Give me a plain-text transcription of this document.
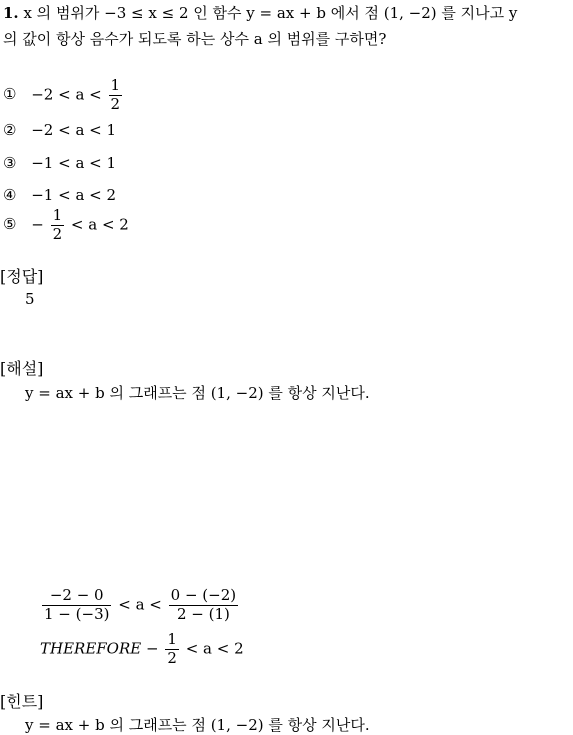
1. x 의 범위가 −3 ≤ x ≤ 2 인 함수 y = ax + b 에서 점 (1, −2) 를 지나고 y
의 값이 항상 음수가 되도록 하는 상수 a 의 범위를 구하면?
① $-2 < a < \frac{1}{2}$
② −2 < a < 1
③ −1 < a < 1
④ −1 < a < 2
⑤ − $\frac{1}{2} < a < 2$
[정답]
5
[해설]
y = ax + b 의 그래프는 점 (1, −2) 를 항상 지난다.
$\frac{-2 - 0}{1 - (-3)} < a < \frac{0 - (-2)}{2 - (1)}$
THEREFORE − $\frac{1}{2} < a < 2$
[힌트]
y = ax + b 의 그래프는 점 (1, −2) 를 항상 지난다.
